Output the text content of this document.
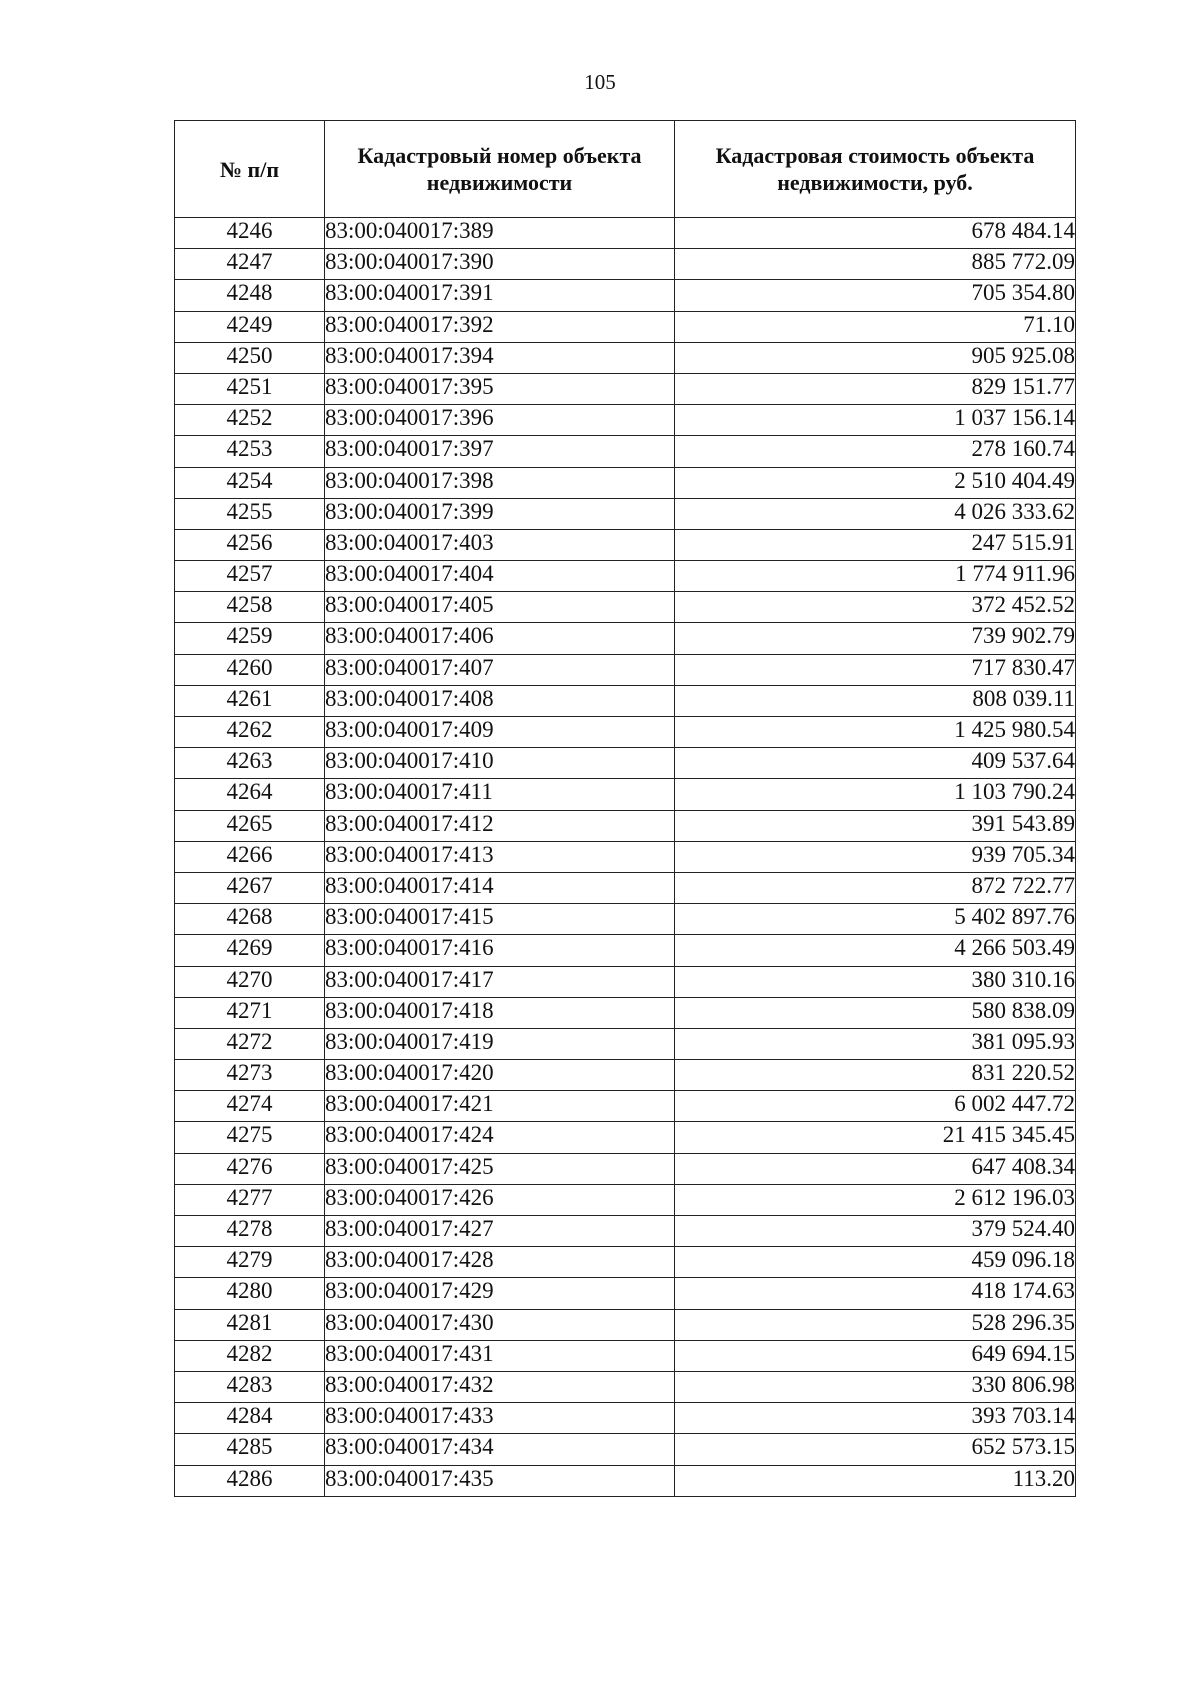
105
№ п/п	Кадастровый номер объекта недвижимости	Кадастровая стоимость объекта недвижимости, руб.
4246	83:00:040017:389	678 484.14
4247	83:00:040017:390	885 772.09
4248	83:00:040017:391	705 354.80
4249	83:00:040017:392	71.10
4250	83:00:040017:394	905 925.08
4251	83:00:040017:395	829 151.77
4252	83:00:040017:396	1 037 156.14
4253	83:00:040017:397	278 160.74
4254	83:00:040017:398	2 510 404.49
4255	83:00:040017:399	4 026 333.62
4256	83:00:040017:403	247 515.91
4257	83:00:040017:404	1 774 911.96
4258	83:00:040017:405	372 452.52
4259	83:00:040017:406	739 902.79
4260	83:00:040017:407	717 830.47
4261	83:00:040017:408	808 039.11
4262	83:00:040017:409	1 425 980.54
4263	83:00:040017:410	409 537.64
4264	83:00:040017:411	1 103 790.24
4265	83:00:040017:412	391 543.89
4266	83:00:040017:413	939 705.34
4267	83:00:040017:414	872 722.77
4268	83:00:040017:415	5 402 897.76
4269	83:00:040017:416	4 266 503.49
4270	83:00:040017:417	380 310.16
4271	83:00:040017:418	580 838.09
4272	83:00:040017:419	381 095.93
4273	83:00:040017:420	831 220.52
4274	83:00:040017:421	6 002 447.72
4275	83:00:040017:424	21 415 345.45
4276	83:00:040017:425	647 408.34
4277	83:00:040017:426	2 612 196.03
4278	83:00:040017:427	379 524.40
4279	83:00:040017:428	459 096.18
4280	83:00:040017:429	418 174.63
4281	83:00:040017:430	528 296.35
4282	83:00:040017:431	649 694.15
4283	83:00:040017:432	330 806.98
4284	83:00:040017:433	393 703.14
4285	83:00:040017:434	652 573.15
4286	83:00:040017:435	113.20
